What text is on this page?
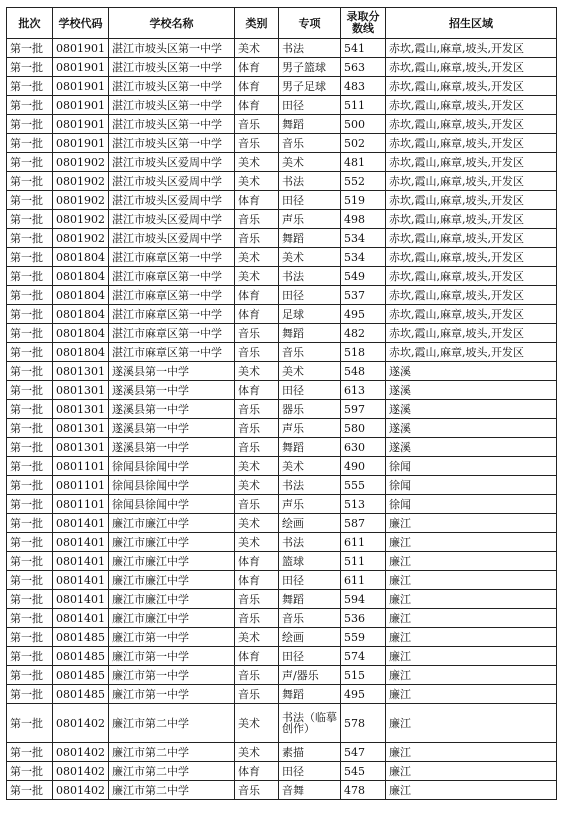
批次	学校代码	学校名称	类别	专项	录取分数线	招生区域
第一批	0801901	湛江市坡头区第一中学	美术	书法	541	赤坎,霞山,麻章,坡头,开发区
第一批	0801901	湛江市坡头区第一中学	体育	男子篮球	563	赤坎,霞山,麻章,坡头,开发区
第一批	0801901	湛江市坡头区第一中学	体育	男子足球	483	赤坎,霞山,麻章,坡头,开发区
第一批	0801901	湛江市坡头区第一中学	体育	田径	511	赤坎,霞山,麻章,坡头,开发区
第一批	0801901	湛江市坡头区第一中学	音乐	舞蹈	500	赤坎,霞山,麻章,坡头,开发区
第一批	0801901	湛江市坡头区第一中学	音乐	音乐	502	赤坎,霞山,麻章,坡头,开发区
第一批	0801902	湛江市坡头区爱周中学	美术	美术	481	赤坎,霞山,麻章,坡头,开发区
第一批	0801902	湛江市坡头区爱周中学	美术	书法	552	赤坎,霞山,麻章,坡头,开发区
第一批	0801902	湛江市坡头区爱周中学	体育	田径	519	赤坎,霞山,麻章,坡头,开发区
第一批	0801902	湛江市坡头区爱周中学	音乐	声乐	498	赤坎,霞山,麻章,坡头,开发区
第一批	0801902	湛江市坡头区爱周中学	音乐	舞蹈	534	赤坎,霞山,麻章,坡头,开发区
第一批	0801804	湛江市麻章区第一中学	美术	美术	534	赤坎,霞山,麻章,坡头,开发区
第一批	0801804	湛江市麻章区第一中学	美术	书法	549	赤坎,霞山,麻章,坡头,开发区
第一批	0801804	湛江市麻章区第一中学	体育	田径	537	赤坎,霞山,麻章,坡头,开发区
第一批	0801804	湛江市麻章区第一中学	体育	足球	495	赤坎,霞山,麻章,坡头,开发区
第一批	0801804	湛江市麻章区第一中学	音乐	舞蹈	482	赤坎,霞山,麻章,坡头,开发区
第一批	0801804	湛江市麻章区第一中学	音乐	音乐	518	赤坎,霞山,麻章,坡头,开发区
第一批	0801301	遂溪县第一中学	美术	美术	548	遂溪
第一批	0801301	遂溪县第一中学	体育	田径	613	遂溪
第一批	0801301	遂溪县第一中学	音乐	器乐	597	遂溪
第一批	0801301	遂溪县第一中学	音乐	声乐	580	遂溪
第一批	0801301	遂溪县第一中学	音乐	舞蹈	630	遂溪
第一批	0801101	徐闻县徐闻中学	美术	美术	490	徐闻
第一批	0801101	徐闻县徐闻中学	美术	书法	555	徐闻
第一批	0801101	徐闻县徐闻中学	音乐	声乐	513	徐闻
第一批	0801401	廉江市廉江中学	美术	绘画	587	廉江
第一批	0801401	廉江市廉江中学	美术	书法	611	廉江
第一批	0801401	廉江市廉江中学	体育	篮球	511	廉江
第一批	0801401	廉江市廉江中学	体育	田径	611	廉江
第一批	0801401	廉江市廉江中学	音乐	舞蹈	594	廉江
第一批	0801401	廉江市廉江中学	音乐	音乐	536	廉江
第一批	0801485	廉江市第一中学	美术	绘画	559	廉江
第一批	0801485	廉江市第一中学	体育	田径	574	廉江
第一批	0801485	廉江市第一中学	音乐	声/器乐	515	廉江
第一批	0801485	廉江市第一中学	音乐	舞蹈	495	廉江
第一批	0801402	廉江市第二中学	美术	书法（临摹创作）	578	廉江
第一批	0801402	廉江市第二中学	美术	素描	547	廉江
第一批	0801402	廉江市第二中学	体育	田径	545	廉江
第一批	0801402	廉江市第二中学	音乐	音舞	478	廉江
